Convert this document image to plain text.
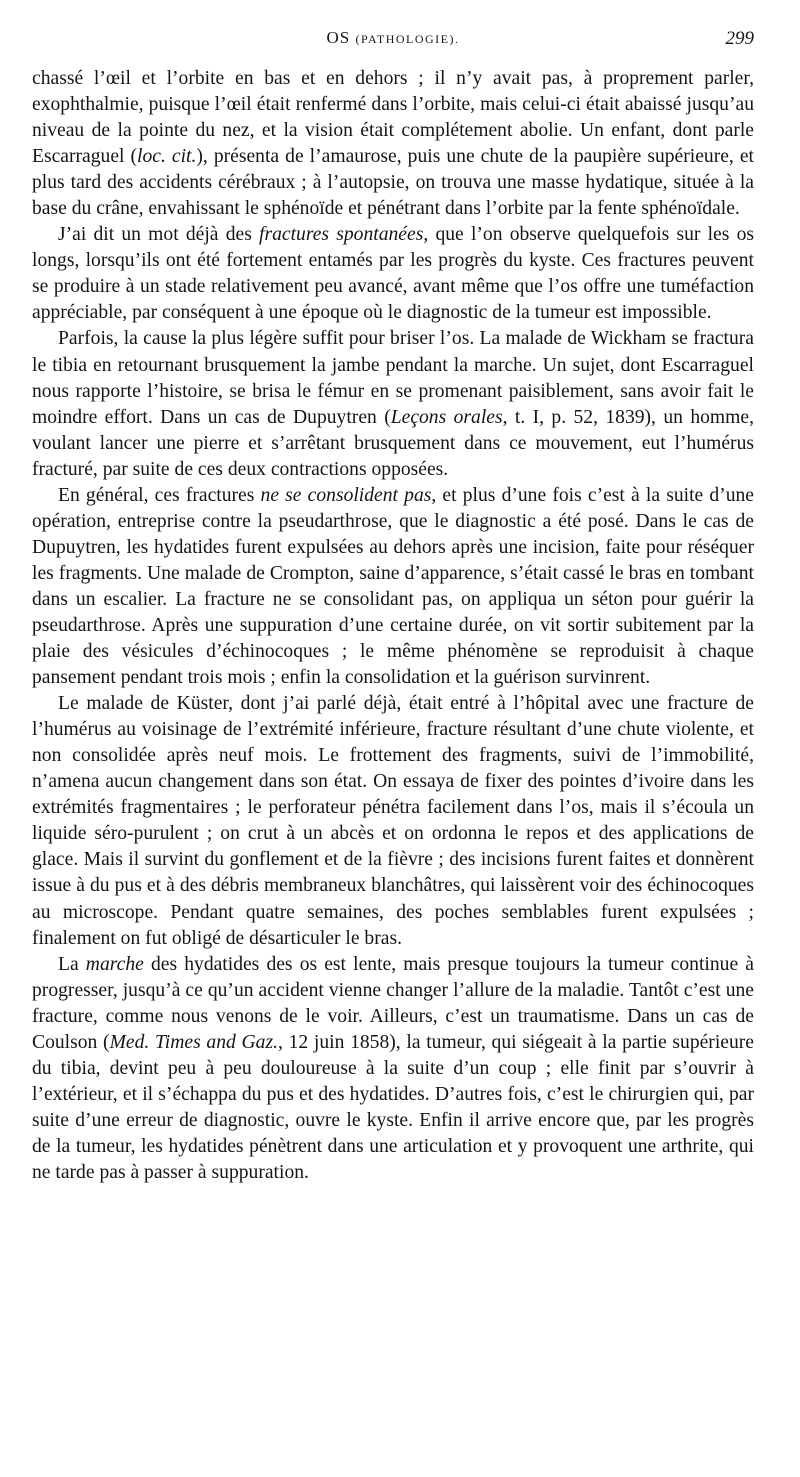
OS (PATHOLOGIE).	299

chassé l’œil et l’orbite en bas et en dehors ; il n’y avait pas, à proprement parler, exophthalmie, puisque l’œil était renfermé dans l’orbite, mais celui-ci était abaissé jusqu’au niveau de la pointe du nez, et la vision était complétement abolie. Un enfant, dont parle Escarraguel (loc. cit.), présenta de l’amaurose, puis une chute de la paupière supérieure, et plus tard des accidents cérébraux ; à l’autopsie, on trouva une masse hydatique, située à la base du crâne, envahissant le sphénoïde et pénétrant dans l’orbite par la fente sphénoïdale.

J’ai dit un mot déjà des fractures spontanées, que l’on observe quelquefois sur les os longs, lorsqu’ils ont été fortement entamés par les progrès du kyste. Ces fractures peuvent se produire à un stade relativement peu avancé, avant même que l’os offre une tuméfaction appréciable, par conséquent à une époque où le diagnostic de la tumeur est impossible.

Parfois, la cause la plus légère suffit pour briser l’os. La malade de Wickham se fractura le tibia en retournant brusquement la jambe pendant la marche. Un sujet, dont Escarraguel nous rapporte l’histoire, se brisa le fémur en se promenant paisiblement, sans avoir fait le moindre effort. Dans un cas de Dupuytren (Leçons orales, t. I, p. 52, 1839), un homme, voulant lancer une pierre et s’arrêtant brusquement dans ce mouvement, eut l’humérus fracturé, par suite de ces deux contractions opposées.

En général, ces fractures ne se consolident pas, et plus d’une fois c’est à la suite d’une opération, entreprise contre la pseudarthrose, que le diagnostic a été posé. Dans le cas de Dupuytren, les hydatides furent expulsées au dehors après une incision, faite pour réséquer les fragments. Une malade de Crompton, saine d’apparence, s’était cassé le bras en tombant dans un escalier. La fracture ne se consolidant pas, on appliqua un séton pour guérir la pseudarthrose. Après une suppuration d’une certaine durée, on vit sortir subitement par la plaie des vésicules d’échinocoques ; le même phénomène se reproduisit à chaque pansement pendant trois mois ; enfin la consolidation et la guérison survinrent.

Le malade de Küster, dont j’ai parlé déjà, était entré à l’hôpital avec une fracture de l’humérus au voisinage de l’extrémité inférieure, fracture résultant d’une chute violente, et non consolidée après neuf mois. Le frottement des fragments, suivi de l’immobilité, n’amena aucun changement dans son état. On essaya de fixer des pointes d’ivoire dans les extrémités fragmentaires ; le perforateur pénétra facilement dans l’os, mais il s’écoula un liquide séro-purulent ; on crut à un abcès et on ordonna le repos et des applications de glace. Mais il survint du gonflement et de la fièvre ; des incisions furent faites et donnèrent issue à du pus et à des débris membraneux blanchâtres, qui laissèrent voir des échinocoques au microscope. Pendant quatre semaines, des poches semblables furent expulsées ; finalement on fut obligé de désarticuler le bras.

La marche des hydatides des os est lente, mais presque toujours la tumeur continue à progresser, jusqu’à ce qu’un accident vienne changer l’allure de la maladie. Tantôt c’est une fracture, comme nous venons de le voir. Ailleurs, c’est un traumatisme. Dans un cas de Coulson (Med. Times and Gaz., 12 juin 1858), la tumeur, qui siégeait à la partie supérieure du tibia, devint peu à peu douloureuse à la suite d’un coup ; elle finit par s’ouvrir à l’extérieur, et il s’échappa du pus et des hydatides. D’autres fois, c’est le chirurgien qui, par suite d’une erreur de diagnostic, ouvre le kyste. Enfin il arrive encore que, par les progrès de la tumeur, les hydatides pénètrent dans une articulation et y provoquent une arthrite, qui ne tarde pas à passer à suppuration.
